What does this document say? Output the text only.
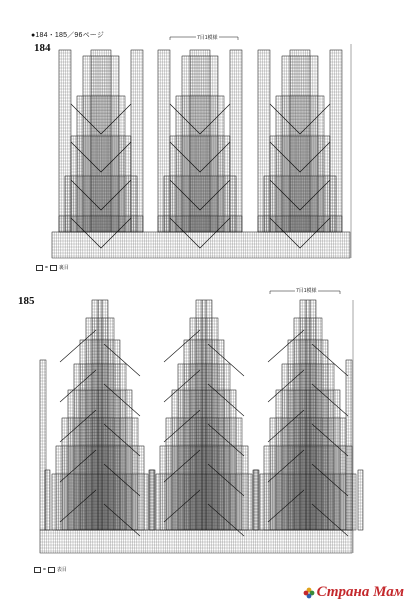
●184・185／96ページ
184
7目1模様
= 裏目
185
7目1模様
= 表目
Страна Мам
